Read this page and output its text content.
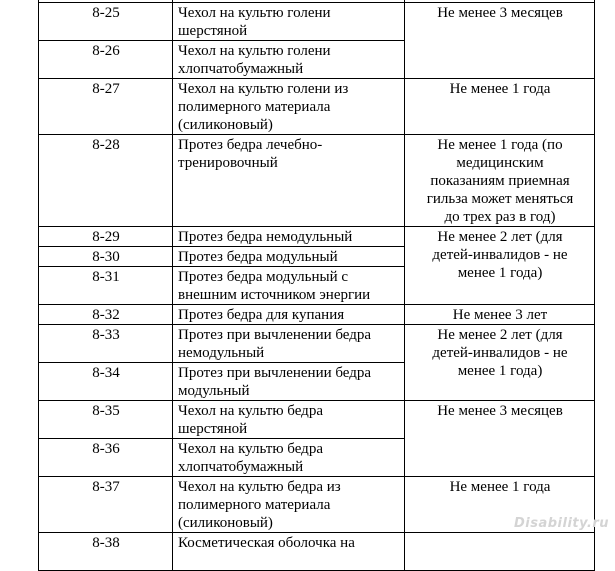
8-25	Чехол на культю голени
шерстяной	Не менее 3 месяцев
8-26	Чехол на культю голени
хлопчатобумажный	
8-27	Чехол на культю голени из
полимерного материала
(силиконовый)	Не менее 1 года
8-28	Протез бедра лечебно-
тренировочный	Не менее 1 года (по
медицинским
показаниям приемная
гильза может меняться
до трех раз в год)
8-29	Протез бедра немодульный	Не менее 2 лет (для
детей-инвалидов - не
менее 1 года)
8-30	Протез бедра модульный	
8-31	Протез бедра модульный с
внешним источником энергии	
8-32	Протез бедра для купания	Не менее 3 лет
8-33	Протез при вычленении бедра
немодульный	Не менее 2 лет (для
детей-инвалидов - не
менее 1 года)
8-34	Протез при вычленении бедра
модульный	
8-35	Чехол на культю бедра
шерстяной	Не менее 3 месяцев
8-36	Чехол на культю бедра
хлопчатобумажный	
8-37	Чехол на культю бедра из
полимерного материала
(силиконовый)	Не менее 1 года
8-38	Косметическая оболочка на	
Disability.ru
